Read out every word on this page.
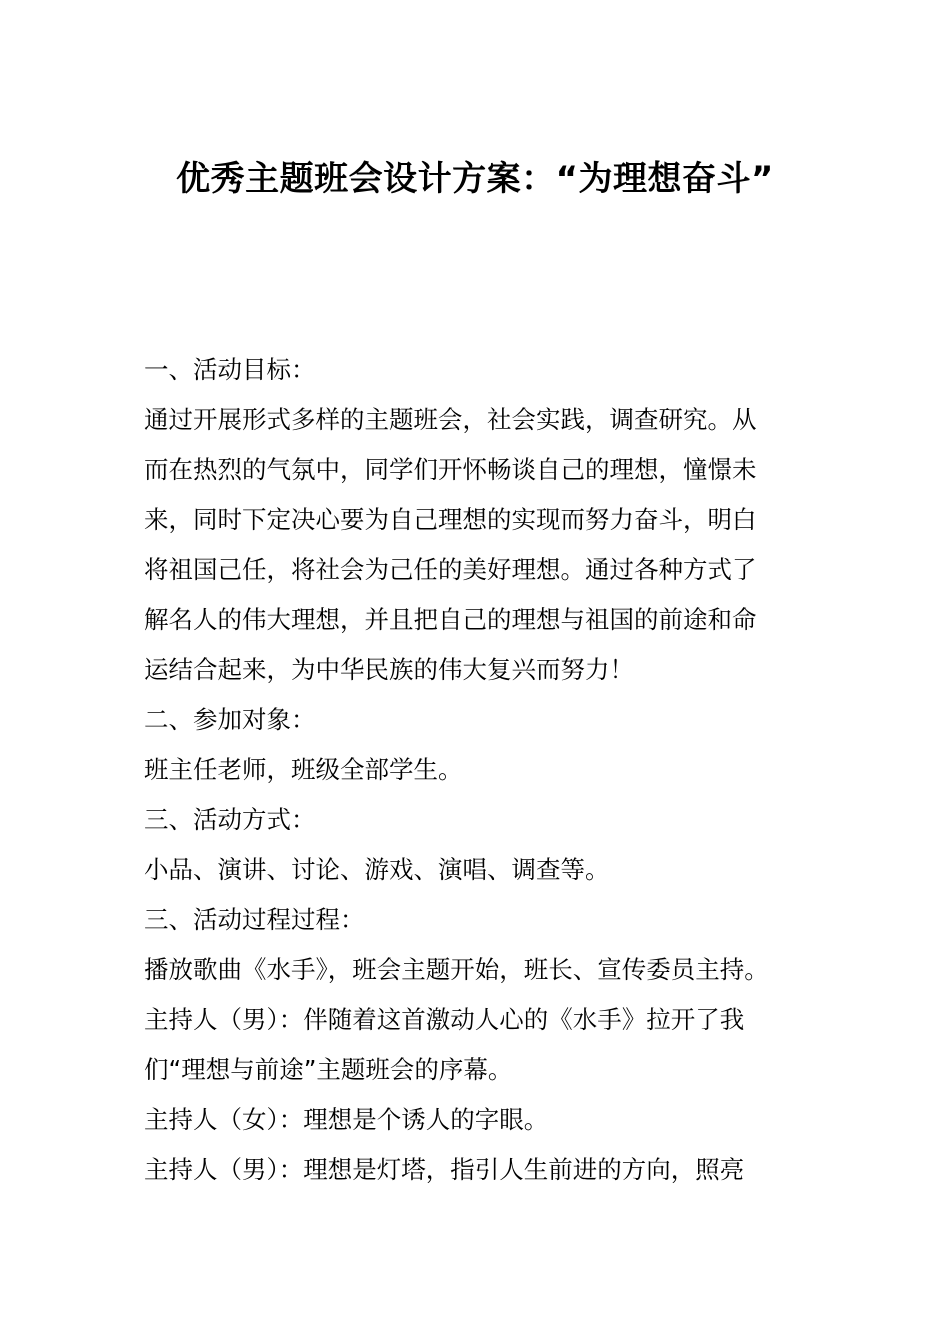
优秀主题班会设计方案：“为理想奋斗”

一、活动目标：

通过开展形式多样的主题班会，社会实践，调查研究。从

而在热烈的气氛中，同学们开怀畅谈自己的理想，憧憬未

来，同时下定决心要为自己理想的实现而努力奋斗，明白

将祖国己任，将社会为己任的美好理想。通过各种方式了

解名人的伟大理想，并且把自己的理想与祖国的前途和命

运结合起来，为中华民族的伟大复兴而努力！

二、参加对象：

班主任老师，班级全部学生。

三、活动方式：

小品、演讲、讨论、游戏、演唱、调查等。

三、活动过程过程：

播放歌曲《水手》，班会主题开始，班长、宣传委员主持。

主持人（男）：伴随着这首激动人心的《水手》拉开了我

们“理想与前途”主题班会的序幕。

主持人（女）：理想是个诱人的字眼。

主持人（男）：理想是灯塔，指引人生前进的方向，照亮
